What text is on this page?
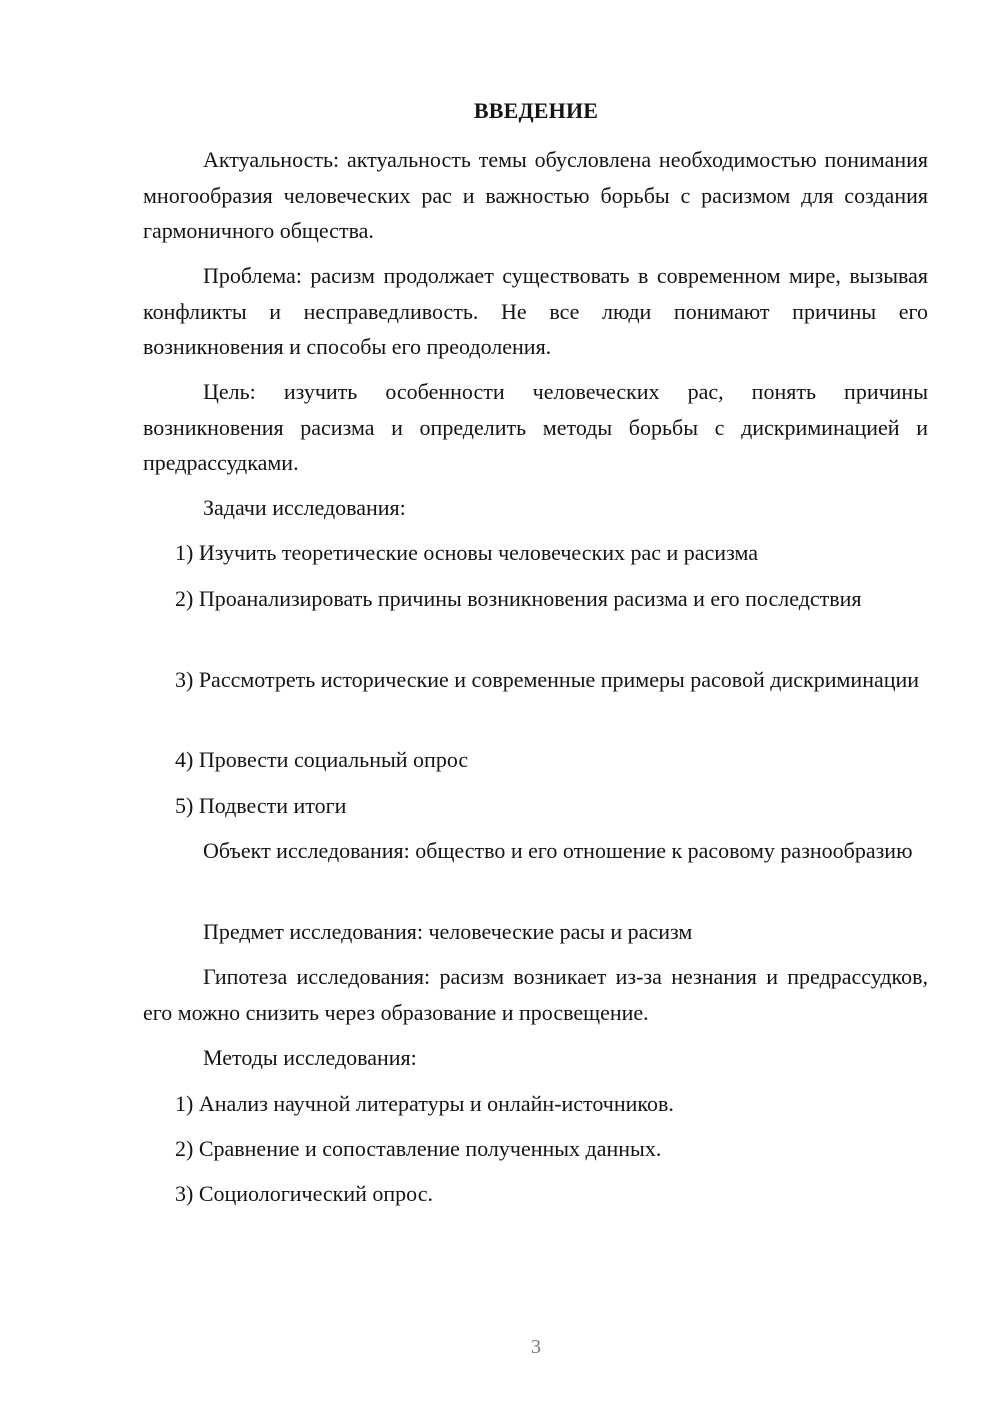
ВВЕДЕНИЕ

Актуальность: актуальность темы обусловлена необходимостью понимания многообразия человеческих рас и важностью борьбы с расизмом для создания гармоничного общества.

Проблема: расизм продолжает существовать в современном мире, вызывая конфликты и несправедливость. Не все люди понимают причины его возникновения и способы его преодоления.

Цель: изучить особенности человеческих рас, понять причины возникновения расизма и определить методы борьбы с дискриминацией и предрассудками.

Задачи исследования:

1) Изучить теоретические основы человеческих рас и расизма

2) Проанализировать причины возникновения расизма и его последствия

3) Рассмотреть исторические и современные примеры расовой дискриминации

4) Провести социальный опрос

5) Подвести итоги

Объект исследования: общество и его отношение к расовому разнообразию

Предмет исследования: человеческие расы и расизм

Гипотеза исследования: расизм возникает из-за незнания и предрассудков, его можно снизить через образование и просвещение.

Методы исследования:

1) Анализ научной литературы и онлайн-источников.

2) Сравнение и сопоставление полученных данных.

3) Социологический опрос.

3
